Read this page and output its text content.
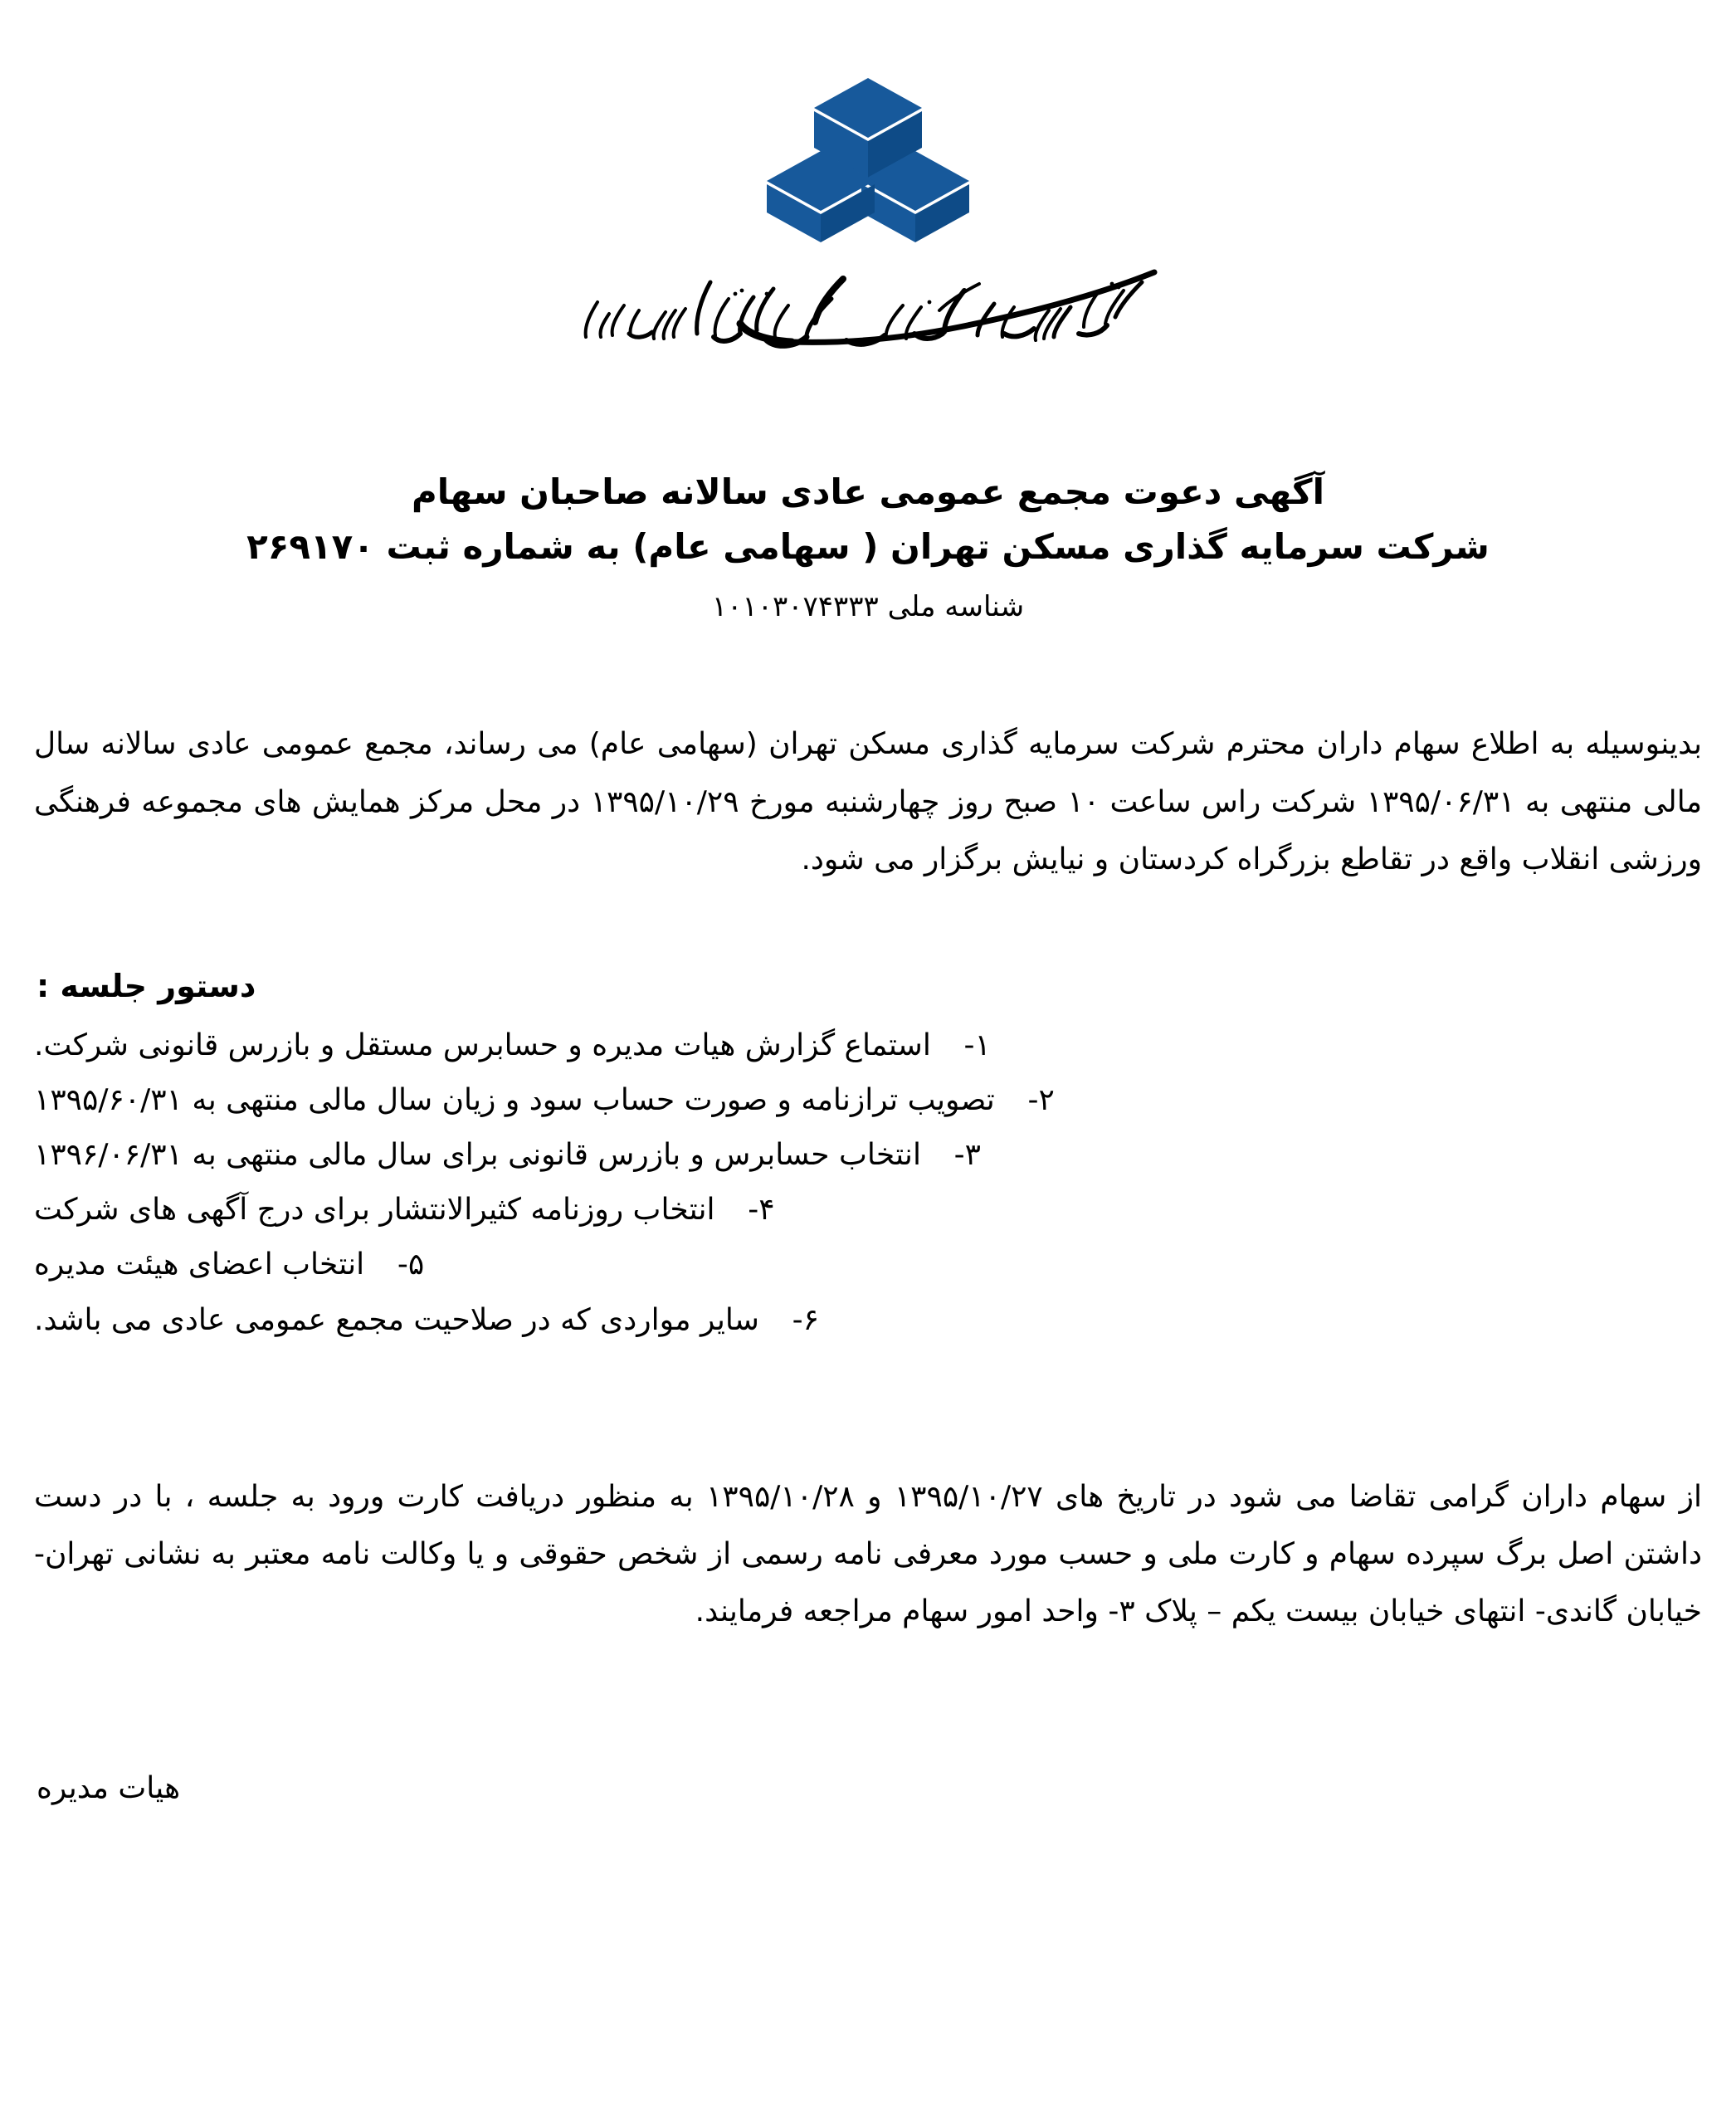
آگهی دعوت مجمع عمومی عادی سالانه صاحبان سهام
شرکت سرمایه گذاری مسکن تهران ( سهامی عام) به شماره ثبت ۲۶۹۱۷۰
شناسه ملی ۱۰۱۰۳۰۷۴۳۳۳

بدینوسیله به اطلاع سهام داران محترم شرکت سرمایه گذاری مسکن تهران (سهامی عام) می رساند، مجمع عمومی عادی سالانه سال مالی منتهی به ۱۳۹۵/۰۶/۳۱ شرکت راس ساعت ۱۰ صبح روز چهارشنبه مورخ ۱۳۹۵/۱۰/۲۹ در محل مرکز همایش های مجموعه فرهنگی ورزشی انقلاب واقع در تقاطع بزرگراه کردستان و نیایش برگزار می شود.

دستور جلسه :
۱-
استماع گزارش هیات مدیره و حسابرس مستقل و بازرس قانونی شرکت.
۲-
تصویب ترازنامه و صورت حساب سود و زیان سال مالی منتهی به ۱۳۹۵/۶۰/۳۱
۳-
انتخاب حسابرس و بازرس قانونی برای سال مالی منتهی به ۱۳۹۶/۰۶/۳۱
۴-
انتخاب روزنامه کثیرالانتشار برای درج آگهی های شرکت
۵-
انتخاب اعضای هیئت مدیره
۶-
سایر مواردی که در صلاحیت مجمع عمومی عادی می باشد.

از سهام داران گرامی تقاضا می شود در تاریخ های ۱۳۹۵/۱۰/۲۷ و ۱۳۹۵/۱۰/۲۸ به منظور دریافت کارت ورود به جلسه ، با در دست داشتن اصل برگ سپرده سهام و کارت ملی و حسب مورد معرفی نامه رسمی از شخص حقوقی و یا وکالت نامه معتبر به نشانی تهران- خیابان گاندی- انتهای خیابان بیست یکم – پلاک ۳- واحد امور سهام مراجعه فرمایند.

هیات مدیره
